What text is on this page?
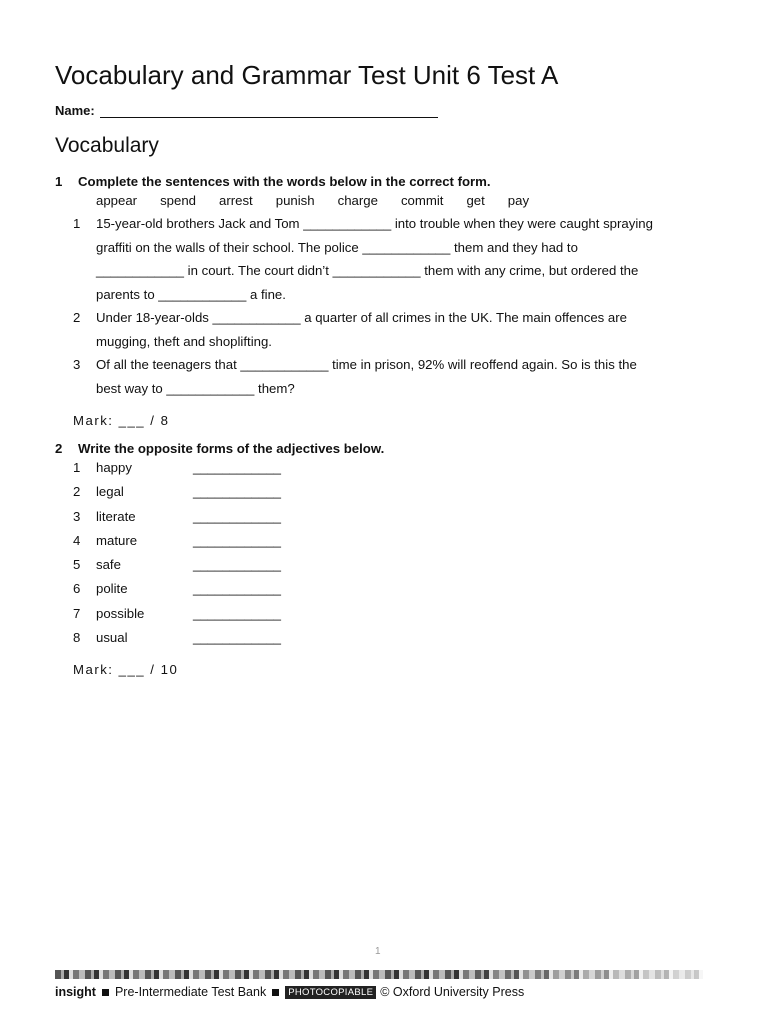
Vocabulary and Grammar Test Unit 6 Test A
Name:
Vocabulary
1 Complete the sentences with the words below in the correct form.
appear spend arrest punish charge commit get pay
1 15-year-old brothers Jack and Tom ____________ into trouble when they were caught spraying
graffiti on the walls of their school. The police ____________ them and they had to
____________ in court. The court didn’t ____________ them with any crime, but ordered the
parents to ____________ a fine.
2 Under 18-year-olds ____________ a quarter of all crimes in the UK. The main offences are
mugging, theft and shoplifting.
3 Of all the teenagers that ____________ time in prison, 92% will reoffend again. So is this the
best way to ____________ them?
Mark: ___ / 8
2 Write the opposite forms of the adjectives below.
1 happy	____________
2 legal	____________
3 literate	____________
4 mature	____________
5 safe	____________
6 polite	____________
7 possible	____________
8 usual	____________
Mark: ___ / 10
1
insight Pre-Intermediate Test Bank	PHOTOCOPIABLE © Oxford University Press
